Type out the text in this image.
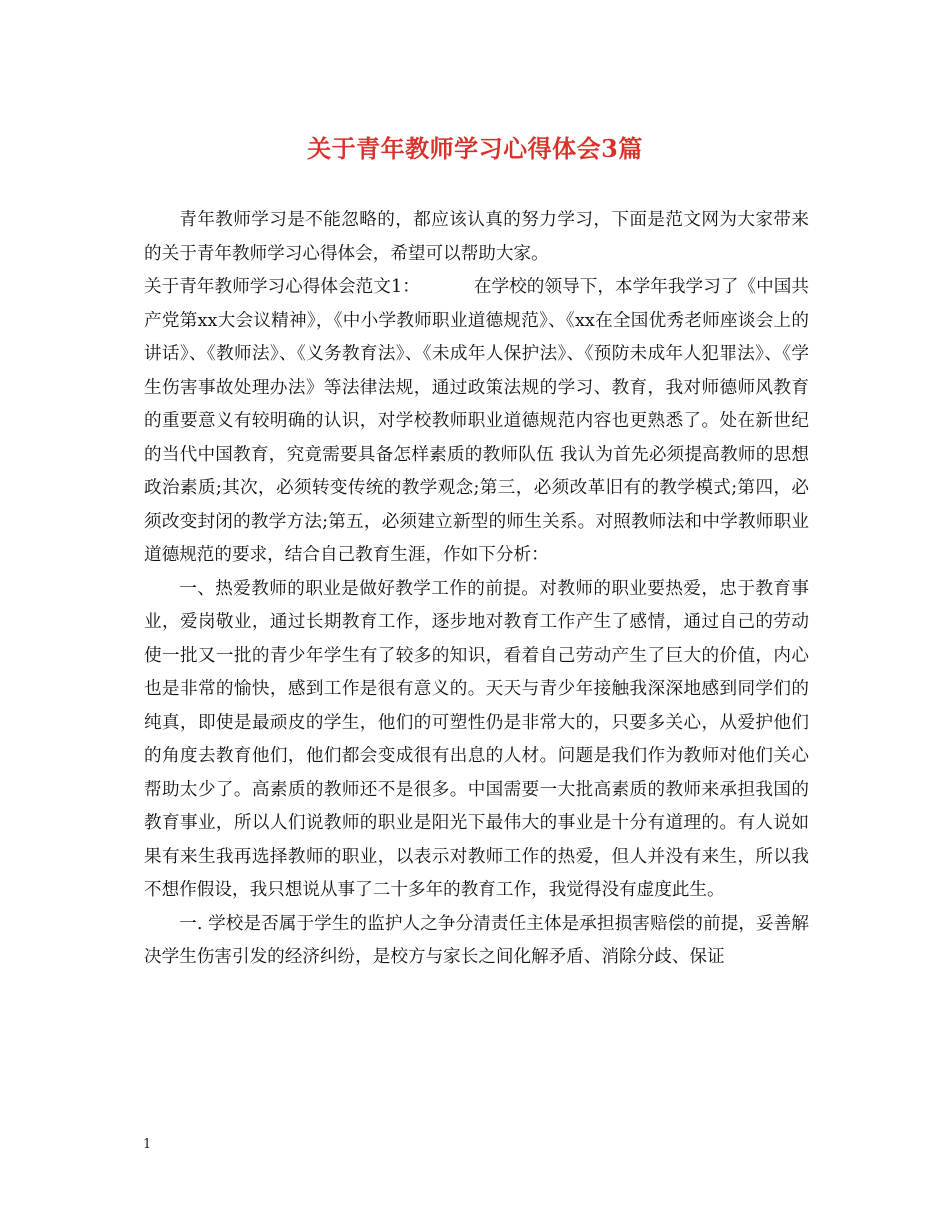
关于青年教师学习心得体会3篇

青年教师学习是不能忽略的，都应该认真的努力学习，下面是范文网为大家带来的关于青年教师学习心得体会，希望可以帮助大家。

关于青年教师学习心得体会范文1：	在学校的领导下，本学年我学习了《中国共产党第xx大会议精神》，《中小学教师职业道德规范》、《xx在全国优秀老师座谈会上的讲话》、《教师法》、《义务教育法》、《未成年人保护法》、《预防未成年人犯罪法》、《学生伤害事故处理办法》等法律法规，通过政策法规的学习、教育，我对师德师风教育的重要意义有较明确的认识，对学校教师职业道德规范内容也更熟悉了。处在新世纪的当代中国教育，究竟需要具备怎样素质的教师队伍 我认为首先必须提高教师的思想政治素质;其次，必须转变传统的教学观念;第三，必须改革旧有的教学模式;第四，必须改变封闭的教学方法;第五，必须建立新型的师生关系。对照教师法和中学教师职业道德规范的要求，结合自己教育生涯，作如下分析：

一、热爱教师的职业是做好教学工作的前提。对教师的职业要热爱，忠于教育事业，爱岗敬业，通过长期教育工作，逐步地对教育工作产生了感情，通过自己的劳动使一批又一批的青少年学生有了较多的知识，看着自己劳动产生了巨大的价值，内心也是非常的愉快，感到工作是很有意义的。天天与青少年接触我深深地感到同学们的纯真，即使是最顽皮的学生，他们的可塑性仍是非常大的，只要多关心，从爱护他们的角度去教育他们，他们都会变成很有出息的人材。问题是我们作为教师对他们关心帮助太少了。高素质的教师还不是很多。中国需要一大批高素质的教师来承担我国的教育事业，所以人们说教师的职业是阳光下最伟大的事业是十分有道理的。有人说如果有来生我再选择教师的职业，以表示对教师工作的热爱，但人并没有来生，所以我不想作假设，我只想说从事了二十多年的教育工作，我觉得没有虚度此生。

一. 学校是否属于学生的监护人之争分清责任主体是承担损害赔偿的前提，妥善解决学生伤害引发的经济纠纷，是校方与家长之间化解矛盾、消除分歧、保证

1
